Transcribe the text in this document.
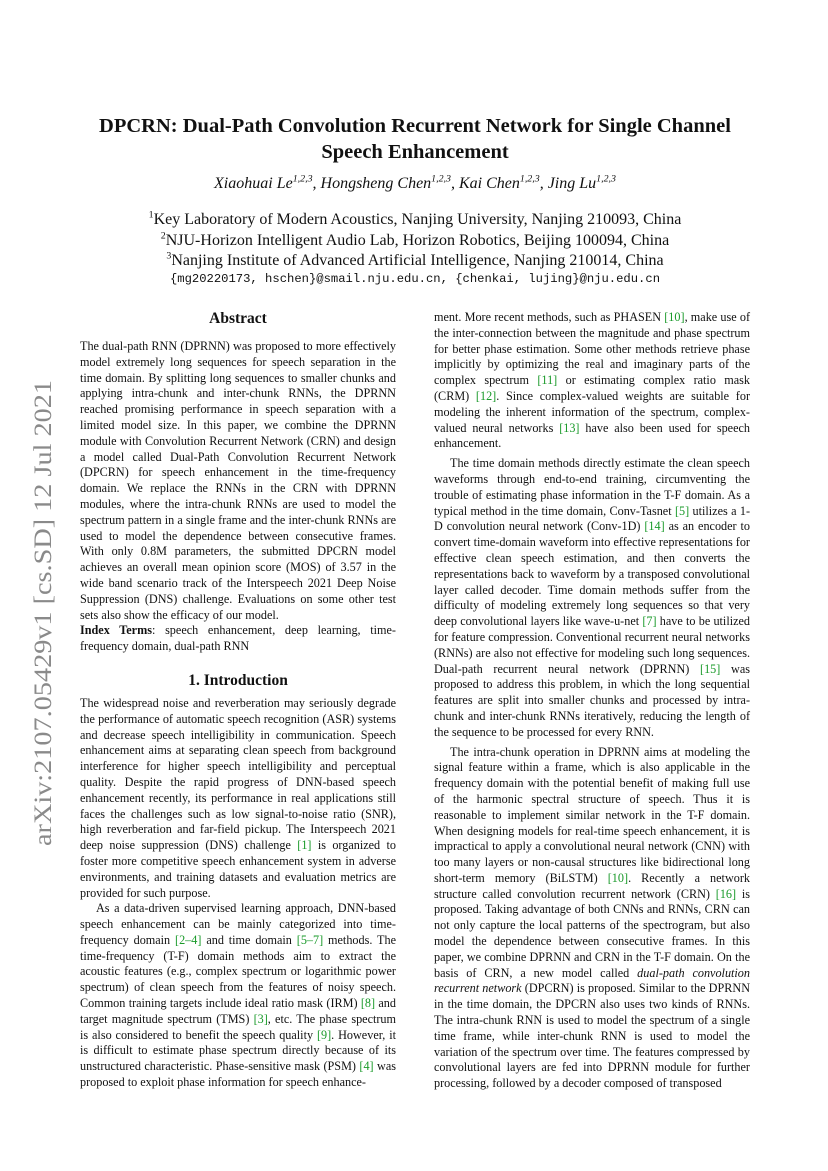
arXiv:2107.05429v1 [cs.SD] 12 Jul 2021
DPCRN: Dual-Path Convolution Recurrent Network for Single Channel
Speech Enhancement
Xiaohuai Le$^{1,2,3}$, Hongsheng Chen$^{1,2,3}$, Kai Chen$^{1,2,3}$, Jing Lu$^{1,2,3}$
$^1$Key Laboratory of Modern Acoustics, Nanjing University, Nanjing 210093, China
$^2$NJU-Horizon Intelligent Audio Lab, Horizon Robotics, Beijing 100094, China
$^3$Nanjing Institute of Advanced Artificial Intelligence, Nanjing 210014, China
{mg20220173, hschen}@smail.nju.edu.cn, {chenkai, lujing}@nju.edu.cn

Abstract

The dual-path RNN (DPRNN) was proposed to more effectively model extremely long sequences for speech separation in the time domain. By splitting long sequences to smaller chunks and applying intra-chunk and inter-chunk RNNs, the DPRNN reached promising performance in speech separation with a limited model size. In this paper, we combine the DPRNN module with Convolution Recurrent Network (CRN) and design a model called Dual-Path Convolution Recurrent Network (DPCRN) for speech enhancement in the time-frequency domain. We replace the RNNs in the CRN with DPRNN modules, where the intra-chunk RNNs are used to model the spectrum pattern in a single frame and the inter-chunk RNNs are used to model the dependence between consecutive frames. With only 0.8M parameters, the submitted DPCRN model achieves an overall mean opinion score (MOS) of 3.57 in the wide band scenario track of the Interspeech 2021 Deep Noise Suppression (DNS) challenge. Evaluations on some other test sets also show the efficacy of our model.

Index Terms: speech enhancement, deep learning, time-frequency domain, dual-path RNN

1. Introduction

The widespread noise and reverberation may seriously degrade the performance of automatic speech recognition (ASR) systems and decrease speech intelligibility in communication. Speech enhancement aims at separating clean speech from background interference for higher speech intelligibility and perceptual quality. Despite the rapid progress of DNN-based speech enhancement recently, its performance in real applications still faces the challenges such as low signal-to-noise ratio (SNR), high reverberation and far-field pickup. The Interspeech 2021 deep noise suppression (DNS) challenge [1] is organized to foster more competitive speech enhancement system in adverse environments, and training datasets and evaluation metrics are provided for such purpose.

As a data-driven supervised learning approach, DNN-based speech enhancement can be mainly categorized into time-frequency domain [2–4] and time domain [5–7] methods. The time-frequency (T-F) domain methods aim to extract the acoustic features (e.g., complex spectrum or logarithmic power spectrum) of clean speech from the features of noisy speech. Common training targets include ideal ratio mask (IRM) [8] and target magnitude spectrum (TMS) [3], etc. The phase spectrum is also considered to benefit the speech quality [9]. However, it is difficult to estimate phase spectrum directly because of its unstructured characteristic. Phase-sensitive mask (PSM) [4] was proposed to exploit phase information for speech enhance-

ment. More recent methods, such as PHASEN [10], make use of the inter-connection between the magnitude and phase spectrum for better phase estimation. Some other methods retrieve phase implicitly by optimizing the real and imaginary parts of the complex spectrum [11] or estimating complex ratio mask (CRM) [12]. Since complex-valued weights are suitable for modeling the inherent information of the spectrum, complex-valued neural networks [13] have also been used for speech enhancement.

The time domain methods directly estimate the clean speech waveforms through end-to-end training, circumventing the trouble of estimating phase information in the T-F domain. As a typical method in the time domain, Conv-Tasnet [5] utilizes a 1-D convolution neural network (Conv-1D) [14] as an encoder to convert time-domain waveform into effective representations for effective clean speech estimation, and then converts the representations back to waveform by a transposed convolutional layer called decoder. Time domain methods suffer from the difficulty of modeling extremely long sequences so that very deep convolutional layers like wave-u-net [7] have to be utilized for feature compression. Conventional recurrent neural networks (RNNs) are also not effective for modeling such long sequences. Dual-path recurrent neural network (DPRNN) [15] was proposed to address this problem, in which the long sequential features are split into smaller chunks and processed by intra-chunk and inter-chunk RNNs iteratively, reducing the length of the sequence to be processed for every RNN.

The intra-chunk operation in DPRNN aims at modeling the signal feature within a frame, which is also applicable in the frequency domain with the potential benefit of making full use of the harmonic spectral structure of speech. Thus it is reasonable to implement similar network in the T-F domain. When designing models for real-time speech enhancement, it is impractical to apply a convolutional neural network (CNN) with too many layers or non-causal structures like bidirectional long short-term memory (BiLSTM) [10]. Recently a network structure called convolution recurrent network (CRN) [16] is proposed. Taking advantage of both CNNs and RNNs, CRN can not only capture the local patterns of the spectrogram, but also model the dependence between consecutive frames. In this paper, we combine DPRNN and CRN in the T-F domain. On the basis of CRN, a new model called dual-path convolution recurrent network (DPCRN) is proposed. Similar to the DPRNN in the time domain, the DPCRN also uses two kinds of RNNs. The intra-chunk RNN is used to model the spectrum of a single time frame, while inter-chunk RNN is used to model the variation of the spectrum over time. The features compressed by convolutional layers are fed into DPRNN module for further processing, followed by a decoder composed of transposed
